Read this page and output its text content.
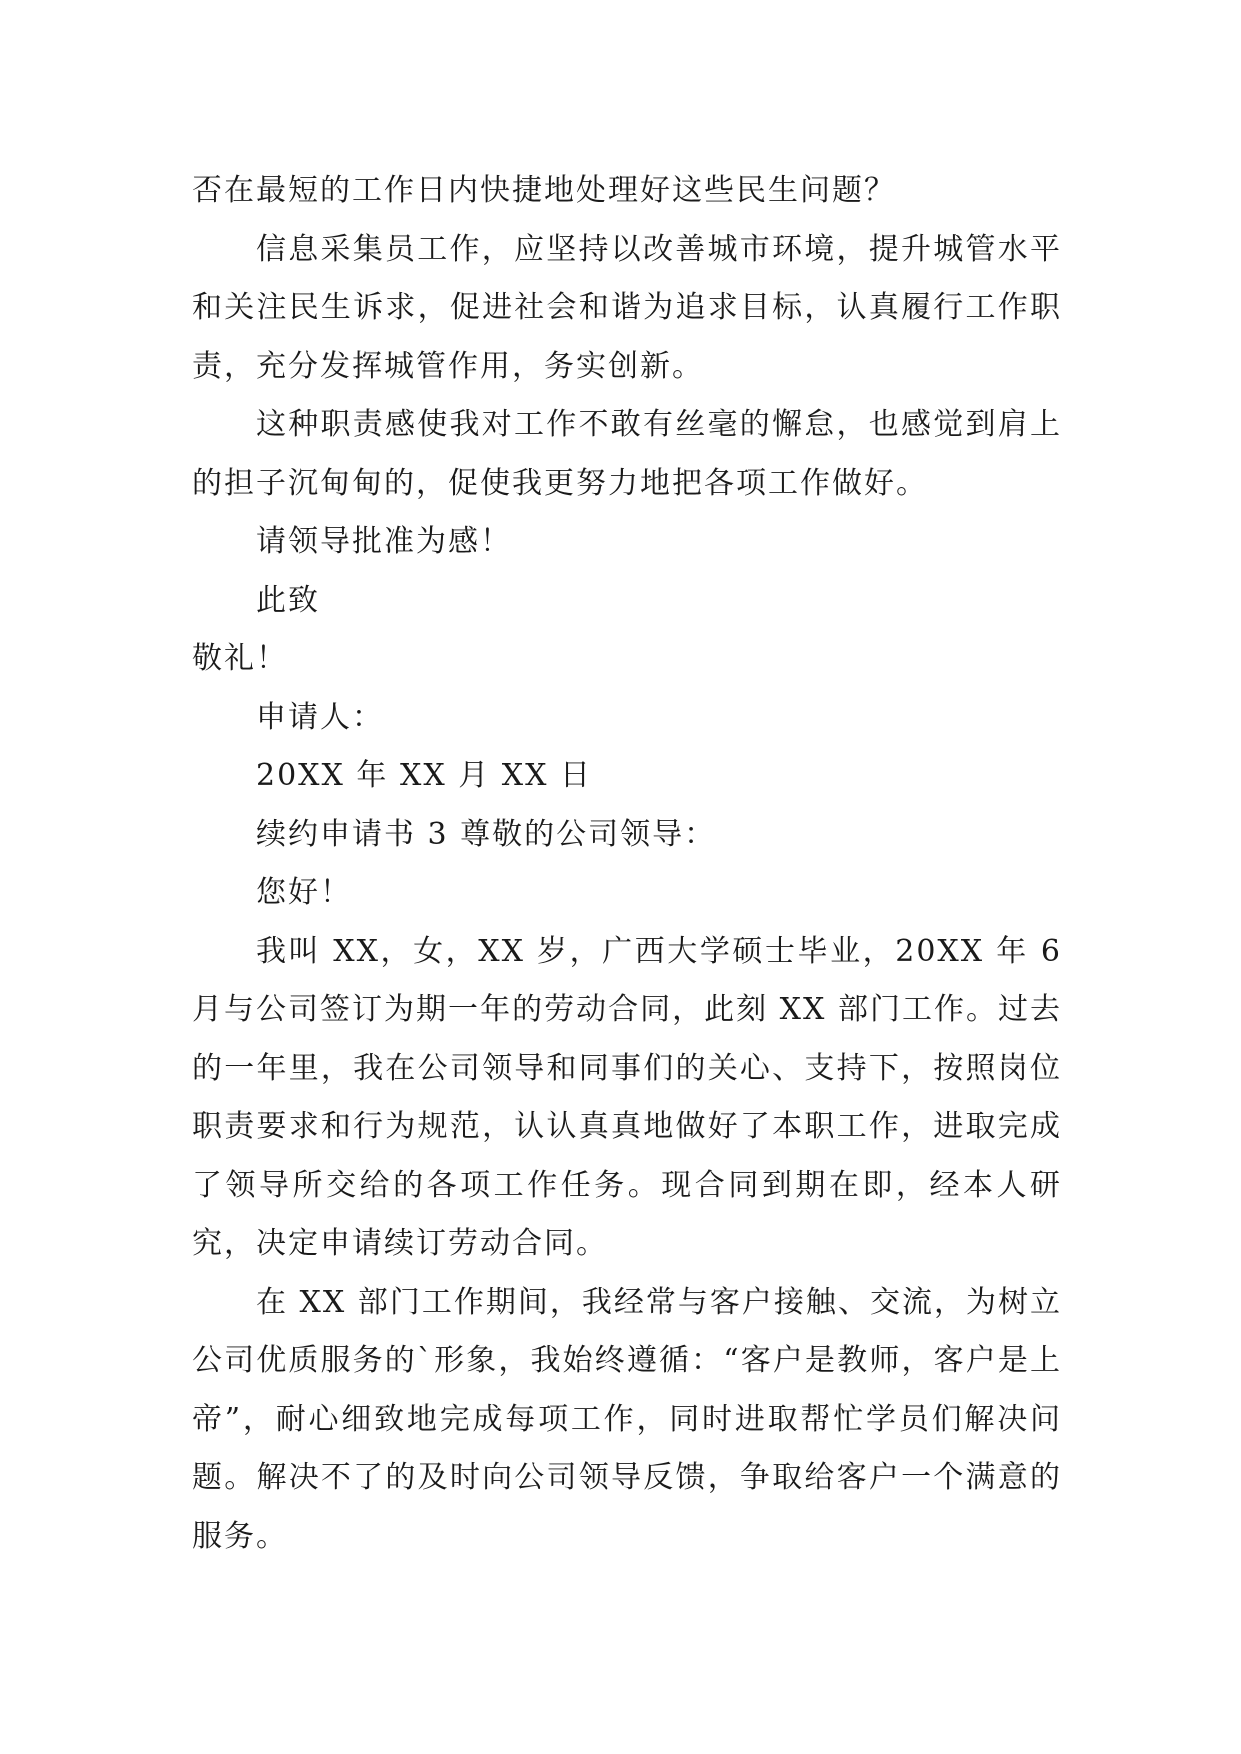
否在最短的工作日内快捷地处理好这些民生问题？

信息采集员工作，应坚持以改善城市环境，提升城管水平和关注民生诉求，促进社会和谐为追求目标，认真履行工作职责，充分发挥城管作用，务实创新。

这种职责感使我对工作不敢有丝毫的懈怠，也感觉到肩上的担子沉甸甸的，促使我更努力地把各项工作做好。

请领导批准为感！

此致

敬礼！

申请人：

20XX 年 XX 月 XX 日

续约申请书 3 尊敬的公司领导：

您好！

我叫 XX，女，XX 岁，广西大学硕士毕业，20XX 年 6 月与公司签订为期一年的劳动合同，此刻 XX 部门工作。过去的一年里，我在公司领导和同事们的关心、支持下，按照岗位职责要求和行为规范，认认真真地做好了本职工作，进取完成了领导所交给的各项工作任务。现合同到期在即，经本人研究，决定申请续订劳动合同。

在 XX 部门工作期间，我经常与客户接触、交流，为树立公司优质服务的`形象，我始终遵循：“客户是教师，客户是上帝”，耐心细致地完成每项工作，同时进取帮忙学员们解决问题。解决不了的及时向公司领导反馈，争取给客户一个满意的服务。
